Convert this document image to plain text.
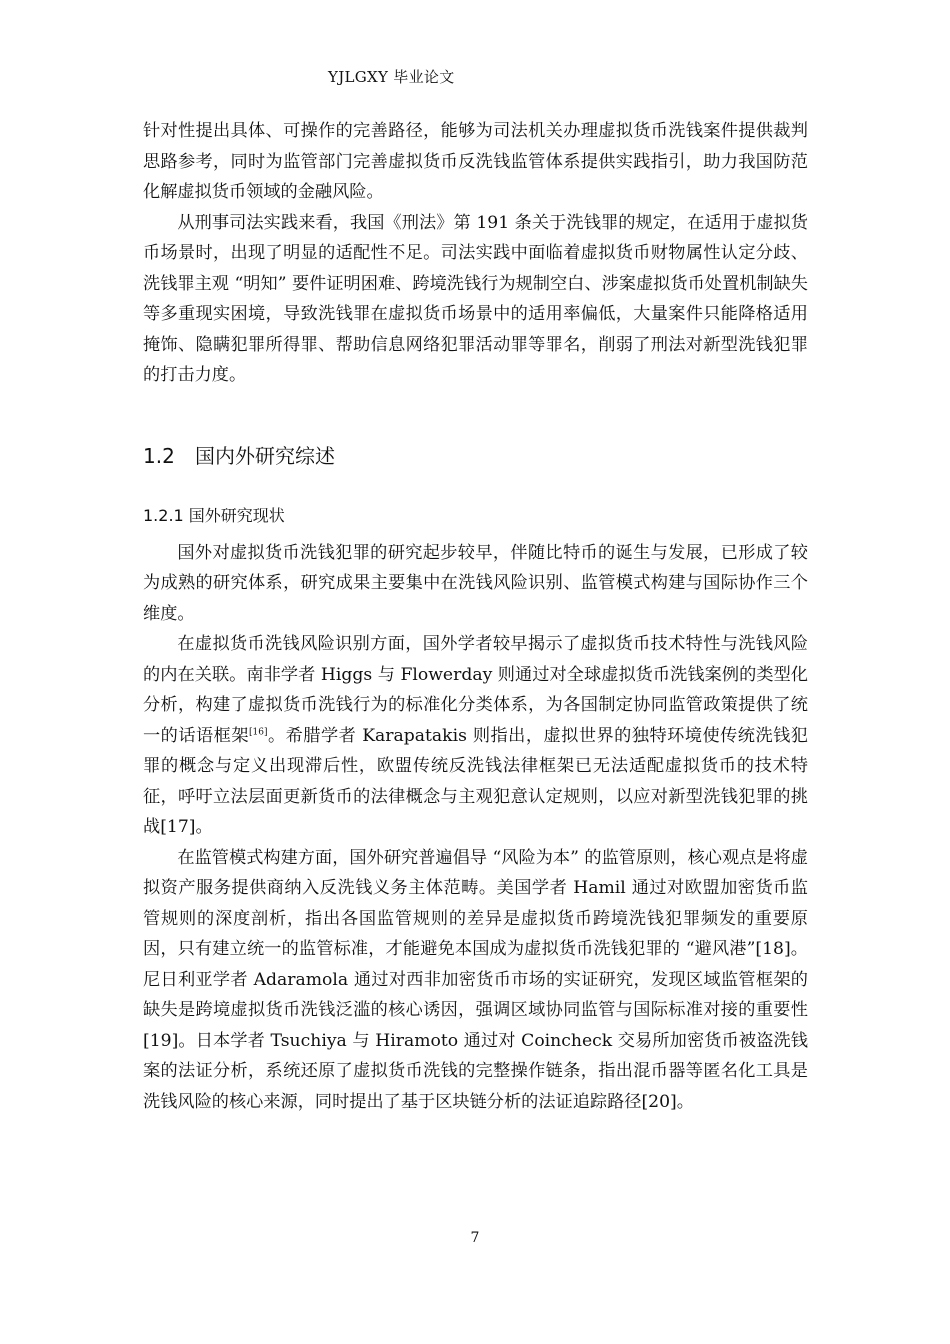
YJLGXY 毕业论文

针对性提出具体、可操作的完善路径，能够为司法机关办理虚拟货币洗钱案件提供裁判思路参考，同时为监管部门完善虚拟货币反洗钱监管体系提供实践指引，助力我国防范化解虚拟货币领域的金融风险。

从刑事司法实践来看，我国《刑法》第 191 条关于洗钱罪的规定，在适用于虚拟货币场景时，出现了明显的适配性不足。司法实践中面临着虚拟货币财物属性认定分歧、洗钱罪主观 “明知” 要件证明困难、跨境洗钱行为规制空白、涉案虚拟货币处置机制缺失等多重现实困境，导致洗钱罪在虚拟货币场景中的适用率偏低，大量案件只能降格适用掩饰、隐瞒犯罪所得罪、帮助信息网络犯罪活动罪等罪名，削弱了刑法对新型洗钱犯罪的打击力度。

1.2 国内外研究综述
1.2.1 国外研究现状

国外对虚拟货币洗钱犯罪的研究起步较早，伴随比特币的诞生与发展，已形成了较为成熟的研究体系，研究成果主要集中在洗钱风险识别、监管模式构建与国际协作三个维度。

在虚拟货币洗钱风险识别方面，国外学者较早揭示了虚拟货币技术特性与洗钱风险的内在关联。南非学者 Higgs 与 Flowerday 则通过对全球虚拟货币洗钱案例的类型化分析，构建了虚拟货币洗钱行为的标准化分类体系，为各国制定协同监管政策提供了统一的话语框架[16]。希腊学者 Karapatakis 则指出，虚拟世界的独特环境使传统洗钱犯罪的概念与定义出现滞后性，欧盟传统反洗钱法律框架已无法适配虚拟货币的技术特征，呼吁立法层面更新货币的法律概念与主观犯意认定规则，以应对新型洗钱犯罪的挑战[17]。

在监管模式构建方面，国外研究普遍倡导 “风险为本” 的监管原则，核心观点是将虚拟资产服务提供商纳入反洗钱义务主体范畴。美国学者 Hamil 通过对欧盟加密货币监管规则的深度剖析，指出各国监管规则的差异是虚拟货币跨境洗钱犯罪频发的重要原因，只有建立统一的监管标准，才能避免本国成为虚拟货币洗钱犯罪的 “避风港”[18]。尼日利亚学者 Adaramola 通过对西非加密货币市场的实证研究，发现区域监管框架的缺失是跨境虚拟货币洗钱泛滥的核心诱因，强调区域协同监管与国际标准对接的重要性[19]。日本学者 Tsuchiya 与 Hiramoto 通过对 Coincheck 交易所加密货币被盗洗钱案的法证分析，系统还原了虚拟货币洗钱的完整操作链条，指出混币器等匿名化工具是洗钱风险的核心来源，同时提出了基于区块链分析的法证追踪路径[20]。

7
